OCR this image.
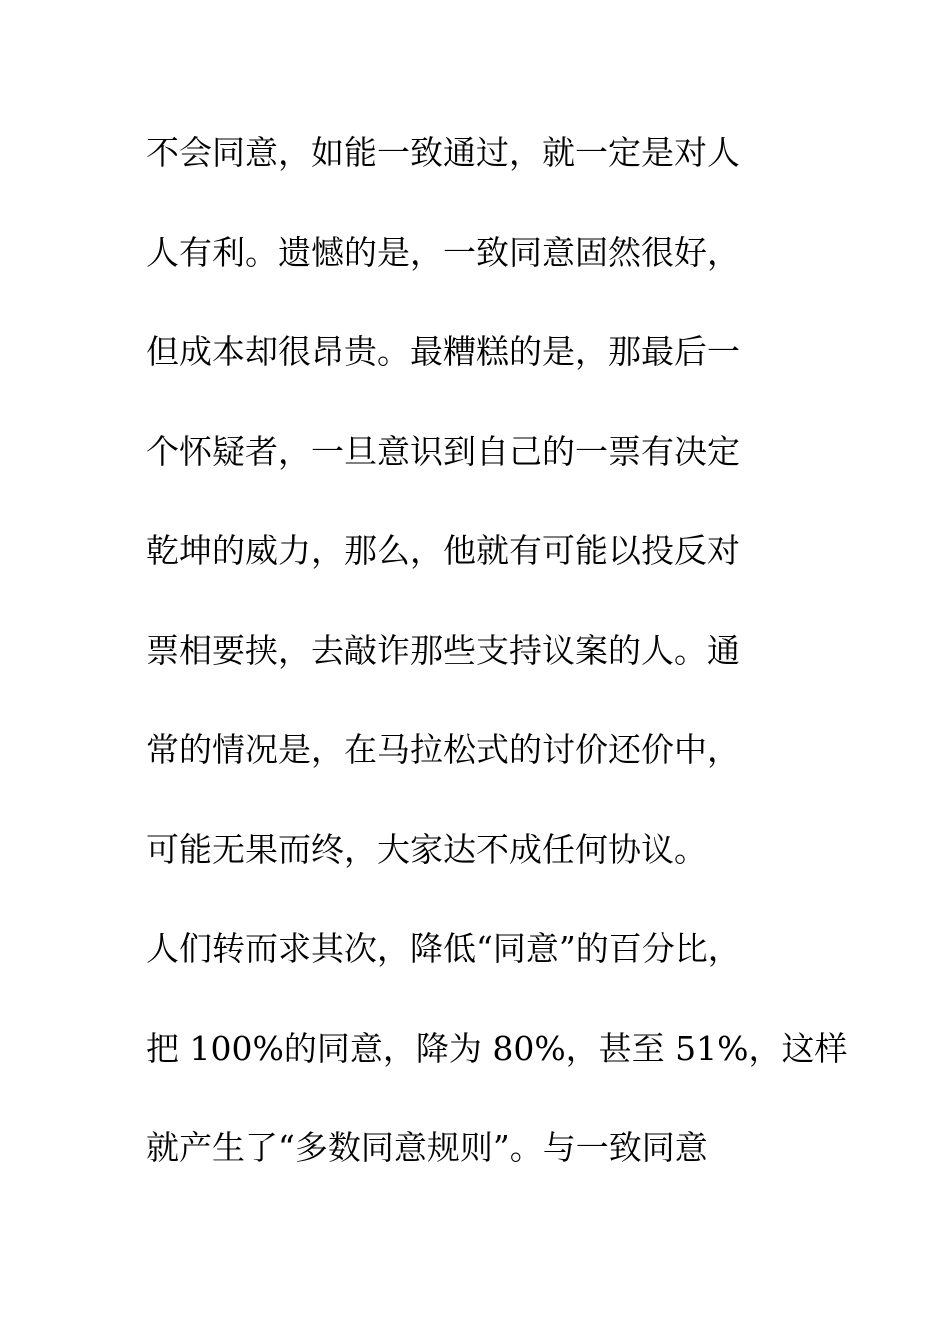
不会同意，如能一致通过，就一定是对人
人有利。遗憾的是，一致同意固然很好，
但成本却很昂贵。最糟糕的是，那最后一
个怀疑者，一旦意识到自己的一票有决定
乾坤的威力，那么，他就有可能以投反对
票相要挟，去敲诈那些支持议案的人。通
常的情况是，在马拉松式的讨价还价中，
可能无果而终，大家达不成任何协议。
人们转而求其次，降低“同意”的百分比，
把 100%的同意，降为 80%，甚至 51%，这样
就产生了“多数同意规则”。与一致同意
